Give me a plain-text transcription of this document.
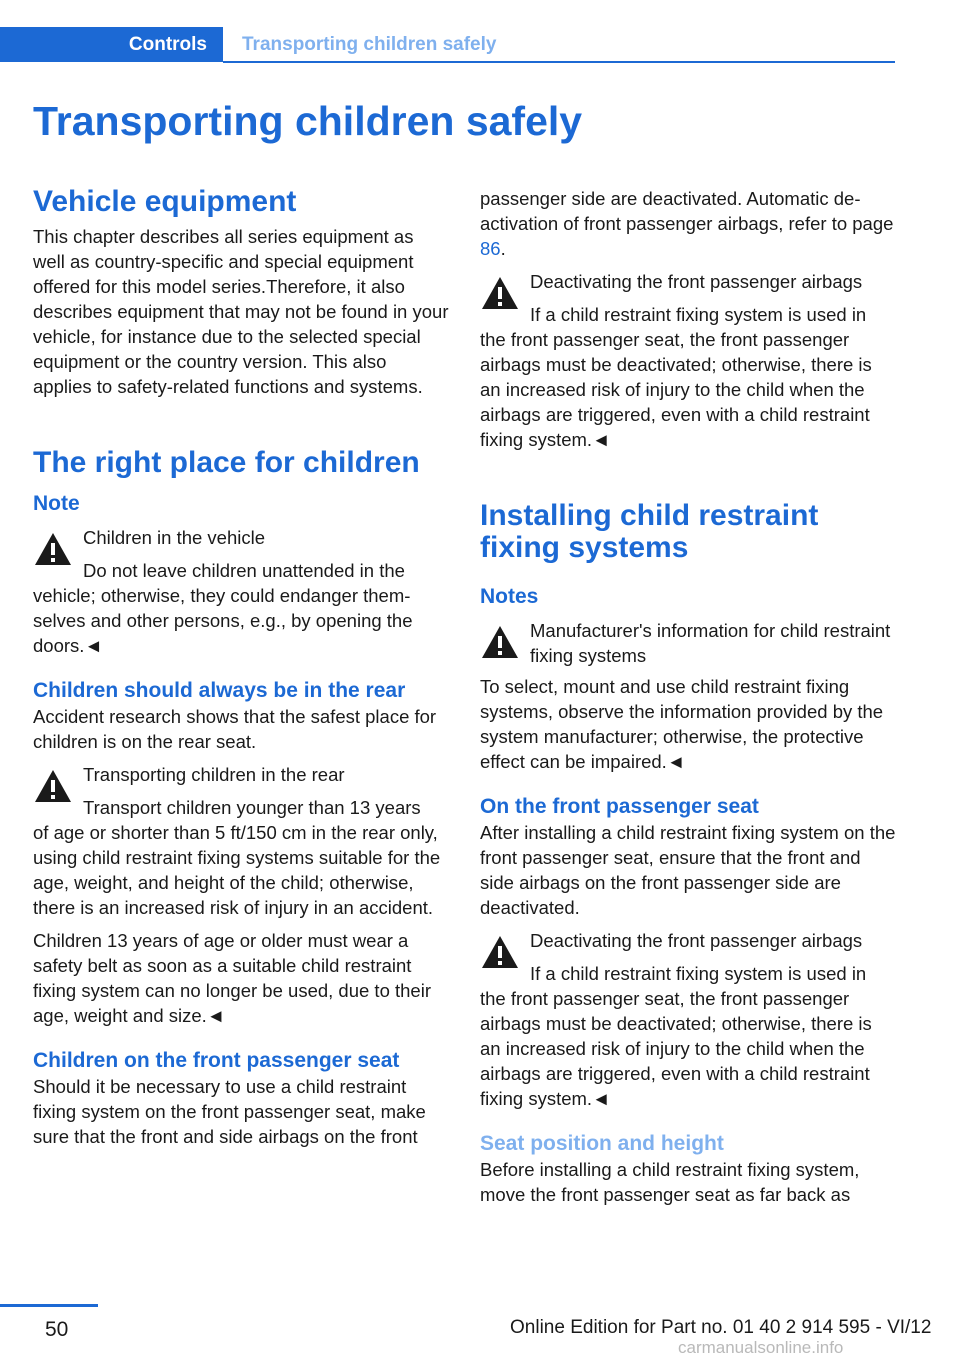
Controls	Transporting children safely
Transporting children safely
Vehicle equipment

This chapter describes all series equipment as well as country-specific and special equipment offered for this model series.Therefore, it also describes equipment that may not be found in your vehicle, for instance due to the selected special equipment or the country version. This also applies to safety-related functions and systems.

The right place for children
Note
Children in the vehicle
Do not leave children unattended in the

vehicle; otherwise, they could endanger themselves and other persons, e.g., by opening the doors.◄

Children should always be in the rear

Accident research shows that the safest place for children is on the rear seat.

Transporting children in the rear
Transport children younger than 13 years

of age or shorter than 5 ft/150 cm in the rear only, using child restraint fixing systems suitable for the age, weight, and height of the child; otherwise, there is an increased risk of injury in an accident.

Children 13 years of age or older must wear a safety belt as soon as a suitable child restraint fixing system can no longer be used, due to their age, weight and size.◄

Children on the front passenger seat

Should it be necessary to use a child restraint fixing system on the front passenger seat, make sure that the front and side airbags on the front

passenger side are deactivated. Automatic deactivation of front passenger airbags, refer to page 86.

Deactivating the front passenger airbags
If a child restraint fixing system is used in

the front passenger seat, the front passenger airbags must be deactivated; otherwise, there is an increased risk of injury to the child when the airbags are triggered, even with a child restraint fixing system.◄

Installing child restraint fixing systems
Notes
Manufacturer's information for child restraint fixing systems

To select, mount and use child restraint fixing systems, observe the information provided by the system manufacturer; otherwise, the protective effect can be impaired.◄

On the front passenger seat

After installing a child restraint fixing system on the front passenger seat, ensure that the front and side airbags on the front passenger side are deactivated.

Deactivating the front passenger airbags
If a child restraint fixing system is used in

the front passenger seat, the front passenger airbags must be deactivated; otherwise, there is an increased risk of injury to the child when the airbags are triggered, even with a child restraint fixing system.◄

Seat position and height

Before installing a child restraint fixing system, move the front passenger seat as far back as

50	Online Edition for Part no. 01 40 2 914 595 - VI/12
carmanualsonline.info
